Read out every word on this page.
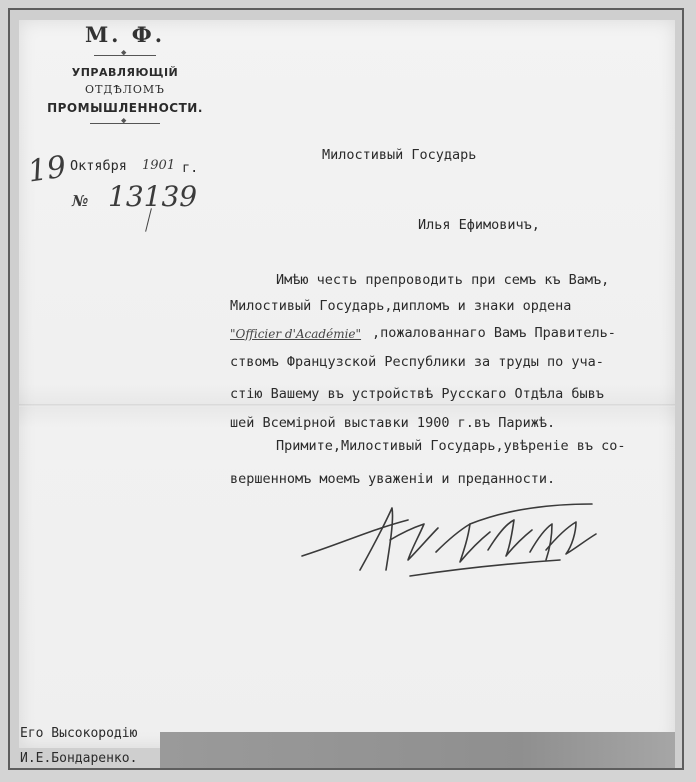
М. Ф.
◆
УПРАВЛЯЮЩIЙ
ОТДѢЛОМЪ
ПРОМЫШЛЕННОСТИ.
◆
19 Октября 1901 г.
№ 13139
Милостивый Государь
Илья Ефимовичъ,
Имѣю честь препроводить при семъ къ Вамъ,
Милостивый Государь,дипломъ и знаки ордена
"Officier d'Académie" ,пожалованнаго Вамъ Правитель-
ствомъ Французской Республики за труды по уча-
стiю Вашему въ устройствѣ Русскаго Отдѣла бывъ
шей Всемiрной выставки 1900 г.въ Парижѣ.
Примите,Милостивый Государь,увѣренiе въ со-
вершенномъ моемъ уваженiи и преданности.
Его Высокородiю
И.Е.Бондаренко.
